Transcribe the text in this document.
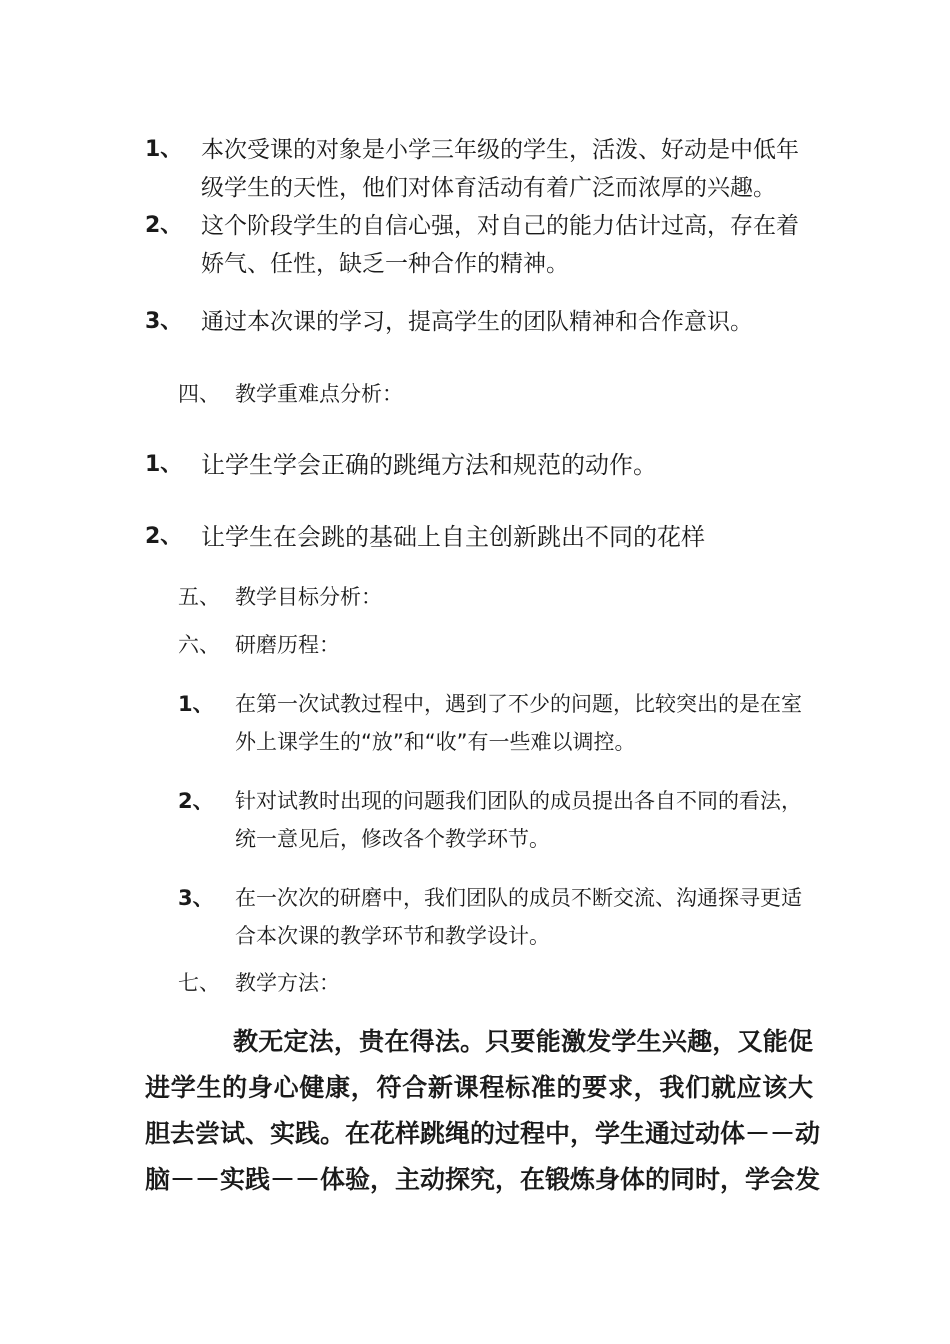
1、 本次受课的对象是小学三年级的学生，活泼、好动是中低年级学生的天性，他们对体育活动有着广泛而浓厚的兴趣。
2、 这个阶段学生的自信心强，对自己的能力估计过高，存在着娇气、任性，缺乏一种合作的精神。
3、 通过本次课的学习，提高学生的团队精神和合作意识。
四、 教学重难点分析：
1、 让学生学会正确的跳绳方法和规范的动作。
2、 让学生在会跳的基础上自主创新跳出不同的花样
五、 教学目标分析：
六、 研磨历程：
1、 在第一次试教过程中，遇到了不少的问题，比较突出的是在室外上课学生的“放”和“收”有一些难以调控。
2、 针对试教时出现的问题我们团队的成员提出各自不同的看法，统一意见后，修改各个教学环节。
3、 在一次次的研磨中，我们团队的成员不断交流、沟通探寻更适合本次课的教学环节和教学设计。
七、 教学方法：
教无定法，贵在得法。只要能激发学生兴趣，又能促
进学生的身心健康，符合新课程标准的要求，我们就应该大
胆去尝试、实践。在花样跳绳的过程中，学生通过动体－－动
脑－－实践－－体验，主动探究，在锻炼身体的同时，学会发
